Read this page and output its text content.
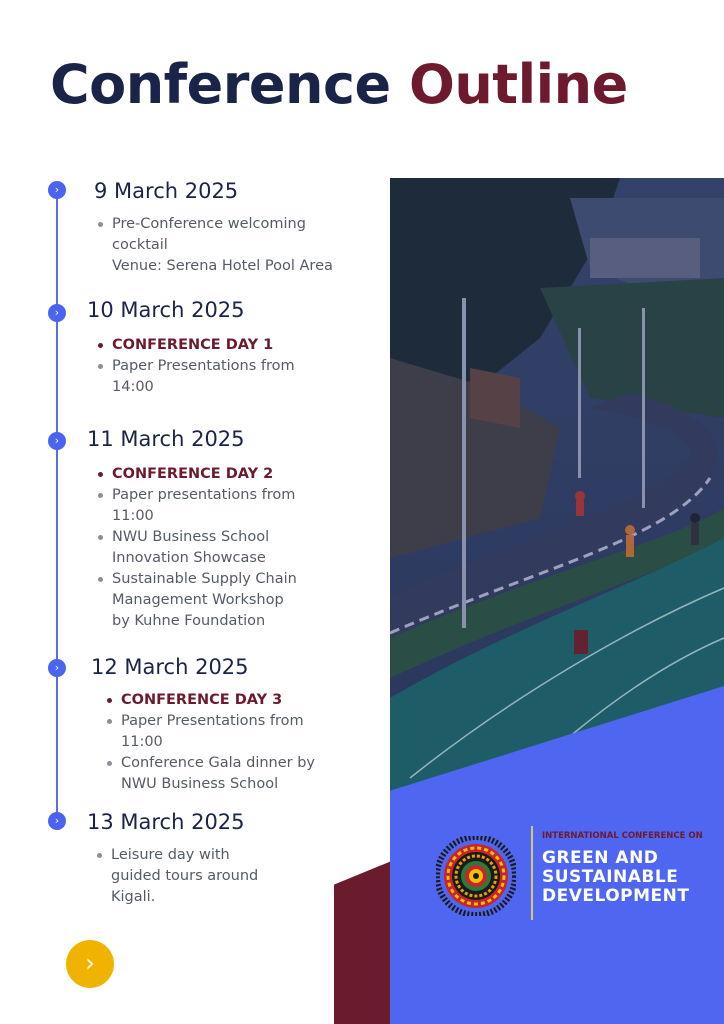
Conference Outline
›	9 March 2025
Pre-Conference welcoming
cocktail
Venue: Serena Hotel Pool Area
›	10 March 2025
CONFERENCE DAY 1
Paper Presentations from
14:00
›	11 March 2025
CONFERENCE DAY 2
Paper presentations from
11:00
NWU Business School
Innovation Showcase
Sustainable Supply Chain
Management Workshop
by Kuhne Foundation
›	12 March 2025
CONFERENCE DAY 3
Paper Presentations from
11:00
Conference Gala dinner by
NWU Business School
›	13 March 2025
Leisure day with
guided tours around
Kigali.
INTERNATIONAL CONFERENCE ON
GREEN AND
SUSTAINABLE
DEVELOPMENT
›
